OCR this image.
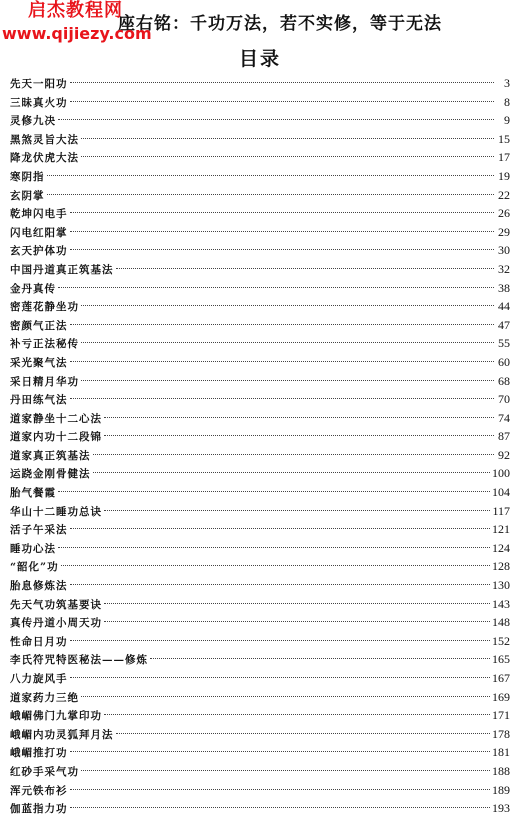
启杰教程网
www.qijiezy.com
座右铭：千功万法，若不实修，等于无法
目录
先天一阳功	3
三昧真火功	8
灵修九决	9
黑煞灵旨大法	15
降龙伏虎大法	17
寒阴指	19
玄阴掌	22
乾坤闪电手	26
闪电红阳掌	29
玄天护体功	30
中国丹道真正筑基法	32
金丹真传	38
密莲花静坐功	44
密颜气正法	47
补亏正法秘传	55
采光聚气法	60
采日精月华功	68
丹田练气法	70
道家静坐十二心法	74
道家内功十二段锦	87
道家真正筑基法	92
运跷金刚骨健法	100
胎气餐霞	104
华山十二睡功总诀	117
活子午采法	121
睡功心法	124
“韶化”功	128
胎息修炼法	130
先天气功筑基要诀	143
真传丹道小周天功	148
性命日月功	152
李氏符咒特医秘法——修炼	165
八力旋风手	167
道家药力三绝	169
峨嵋佛门九掌印功	171
峨嵋内功灵狐拜月法	178
峨嵋推打功	181
红砂手采气功	188
浑元铁布衫	189
伽蓝指力功	193
